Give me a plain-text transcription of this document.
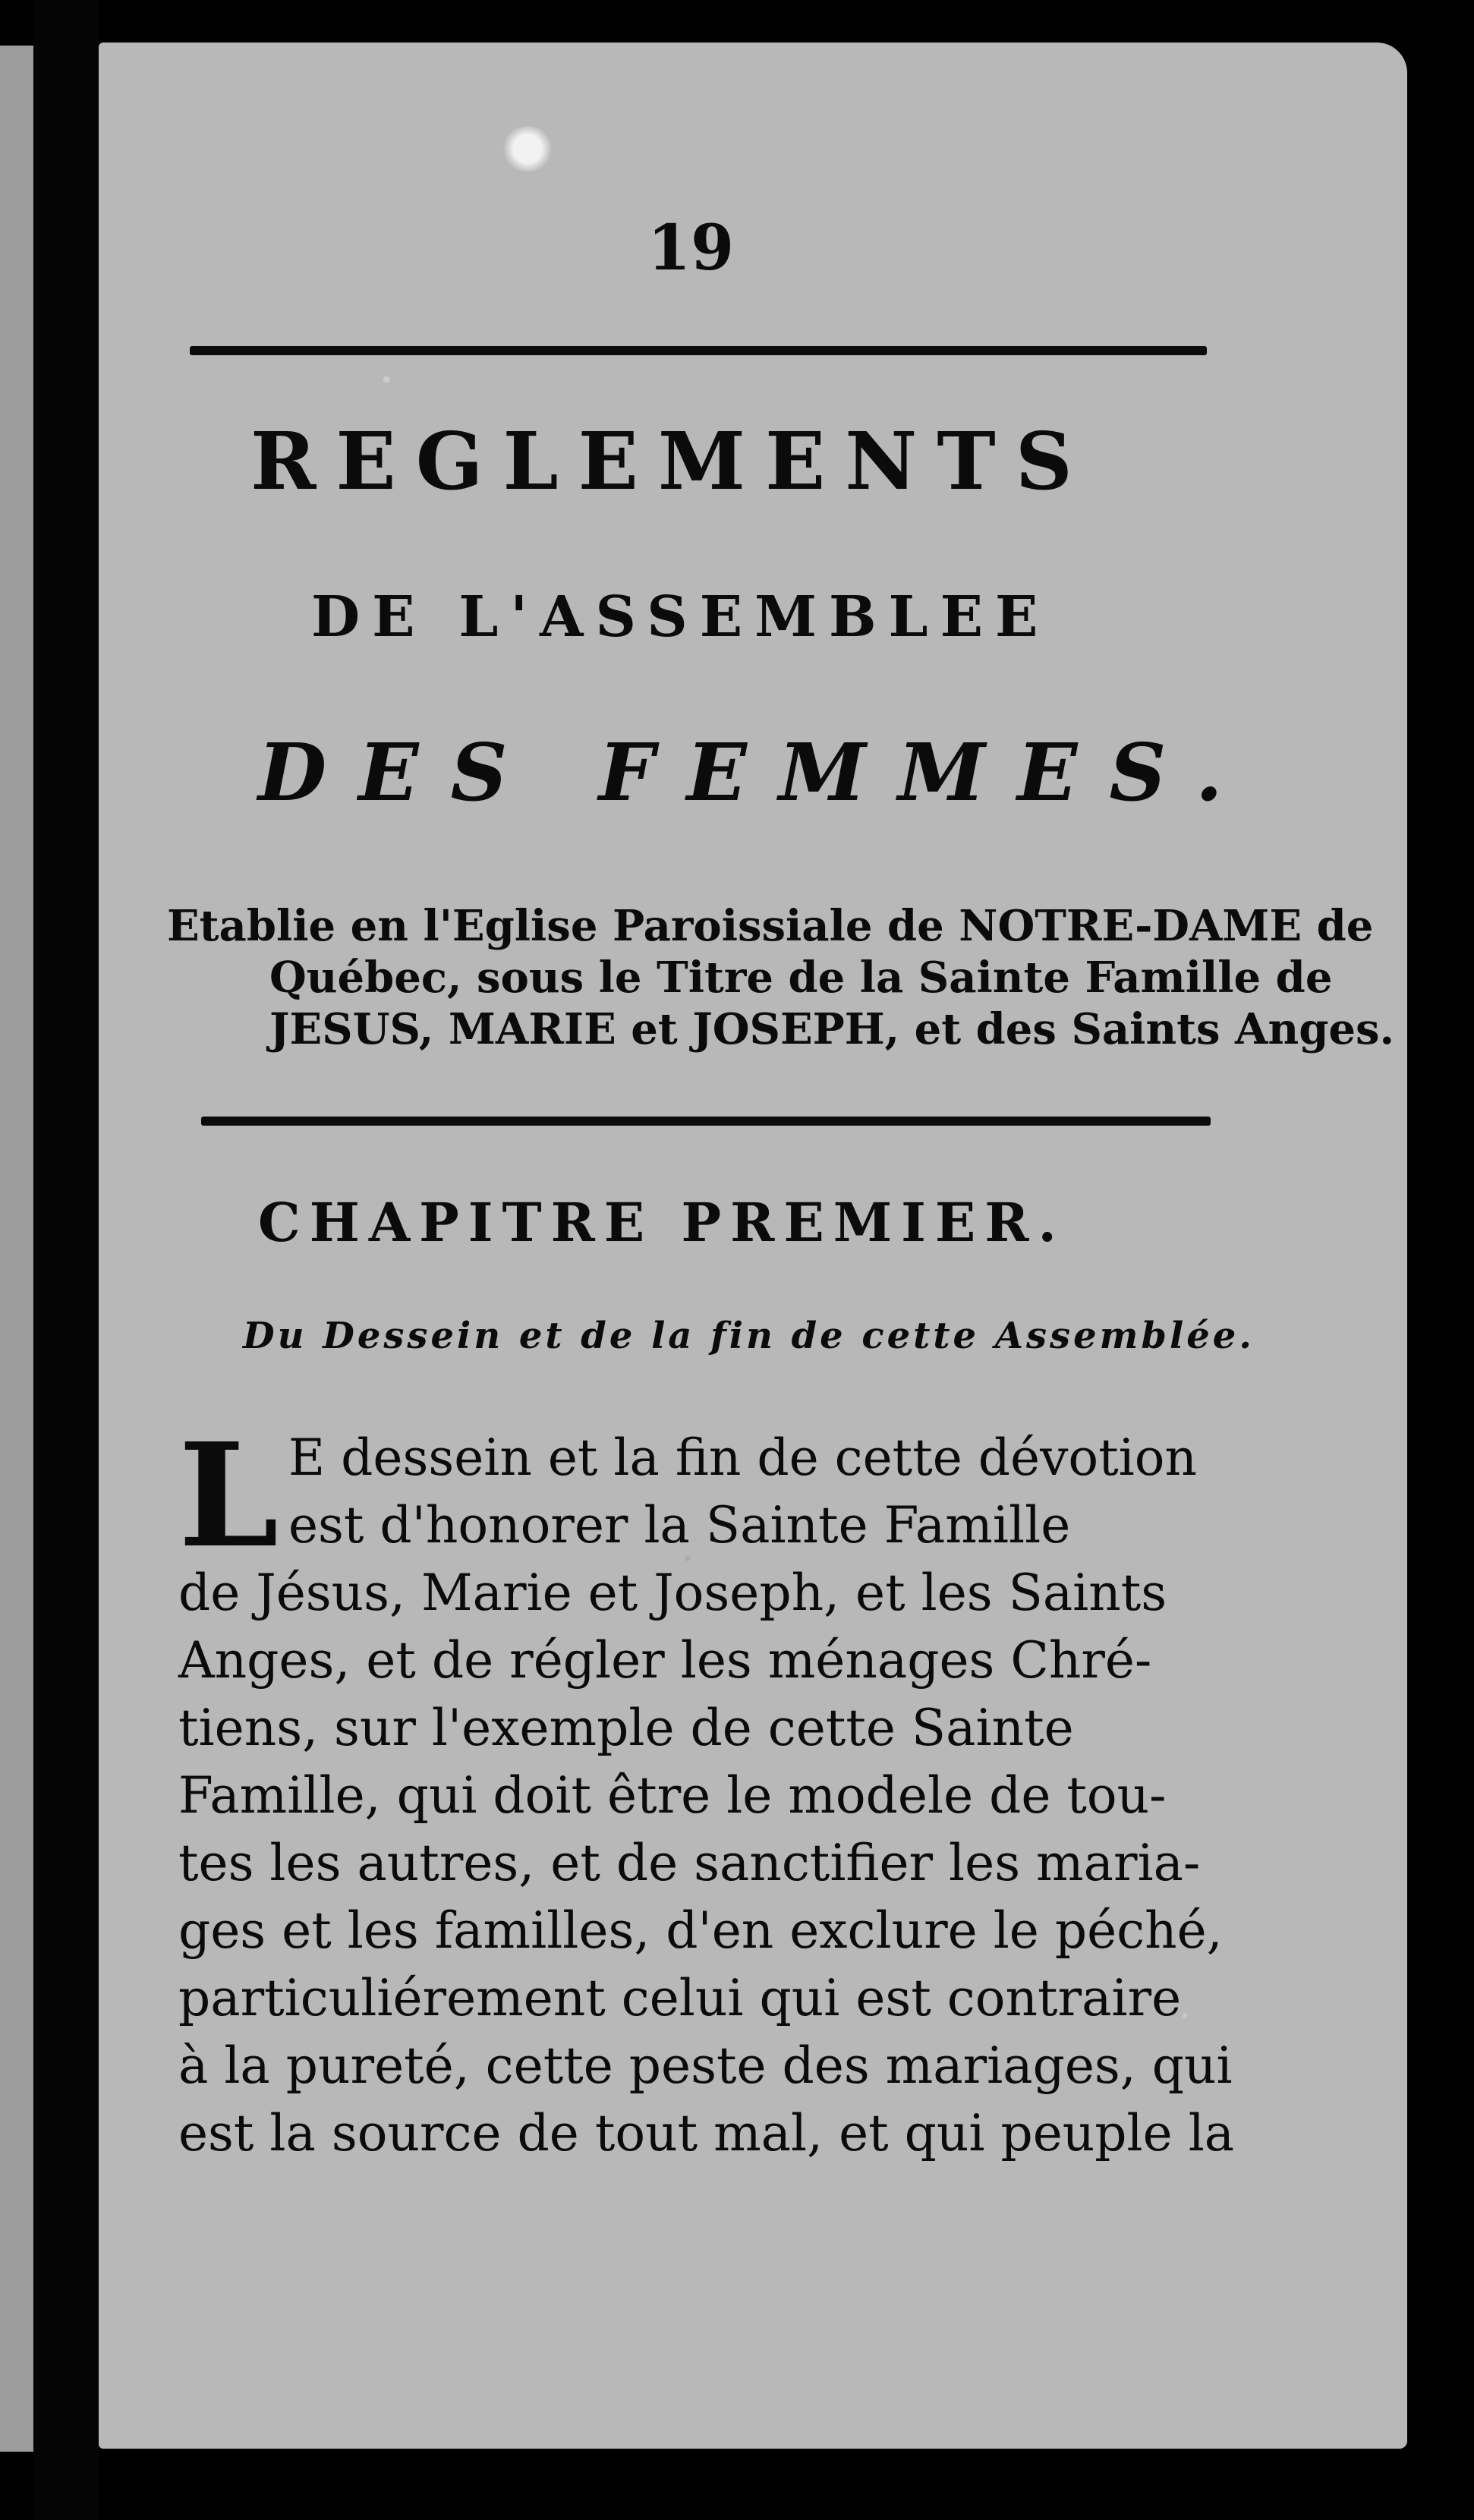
19
REGLEMENTS
DE L'ASSEMBLEE
DES FEMMES.
Etablie en l'Eglise Paroissiale de NOTRE-DAME de
Québec, sous le Titre de la Sainte Famille de
JESUS, MARIE et JOSEPH, et des Saints Anges.
CHAPITRE PREMIER.
Du Dessein et de la fin de cette Assemblée.
L E dessein et la fin de cette dévotion
est d'honorer la Sainte Famille
de Jésus, Marie et Joseph, et les Saints
Anges, et de régler les ménages Chré-
tiens, sur l'exemple de cette Sainte
Famille, qui doit être le modele de tou-
tes les autres, et de sanctifier les maria-
ges et les familles, d'en exclure le péché,
particuliérement celui qui est contraire
à la pureté, cette peste des mariages, qui
est la source de tout mal, et qui peuple la
